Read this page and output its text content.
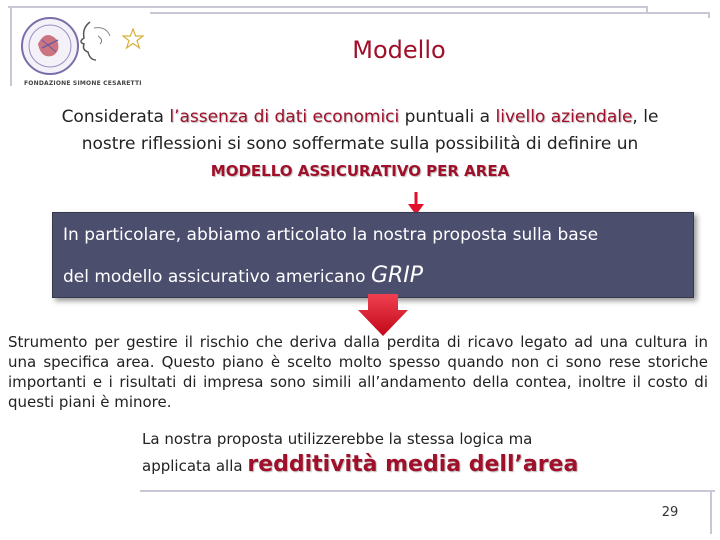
FONDAZIONE SIMONE CESARETTI
Modello
Considerata l’assenza di dati economici puntuali a livello aziendale, le nostre riflessioni si sono soffermate sulla possibilità di definire un MODELLO ASSICURATIVO PER AREA
In particolare, abbiamo articolato la nostra proposta sulla base
del modello assicurativo americano GRIP
Strumento per gestire il rischio che deriva dalla perdita di ricavo legato ad una cultura in una specifica area. Questo piano è scelto molto spesso quando non ci sono rese storiche importanti e i risultati di impresa sono simili all’andamento della contea, inoltre il costo di questi piani è minore.
La nostra proposta utilizzerebbe la stessa logica ma
applicata alla redditività media dell’area
29
